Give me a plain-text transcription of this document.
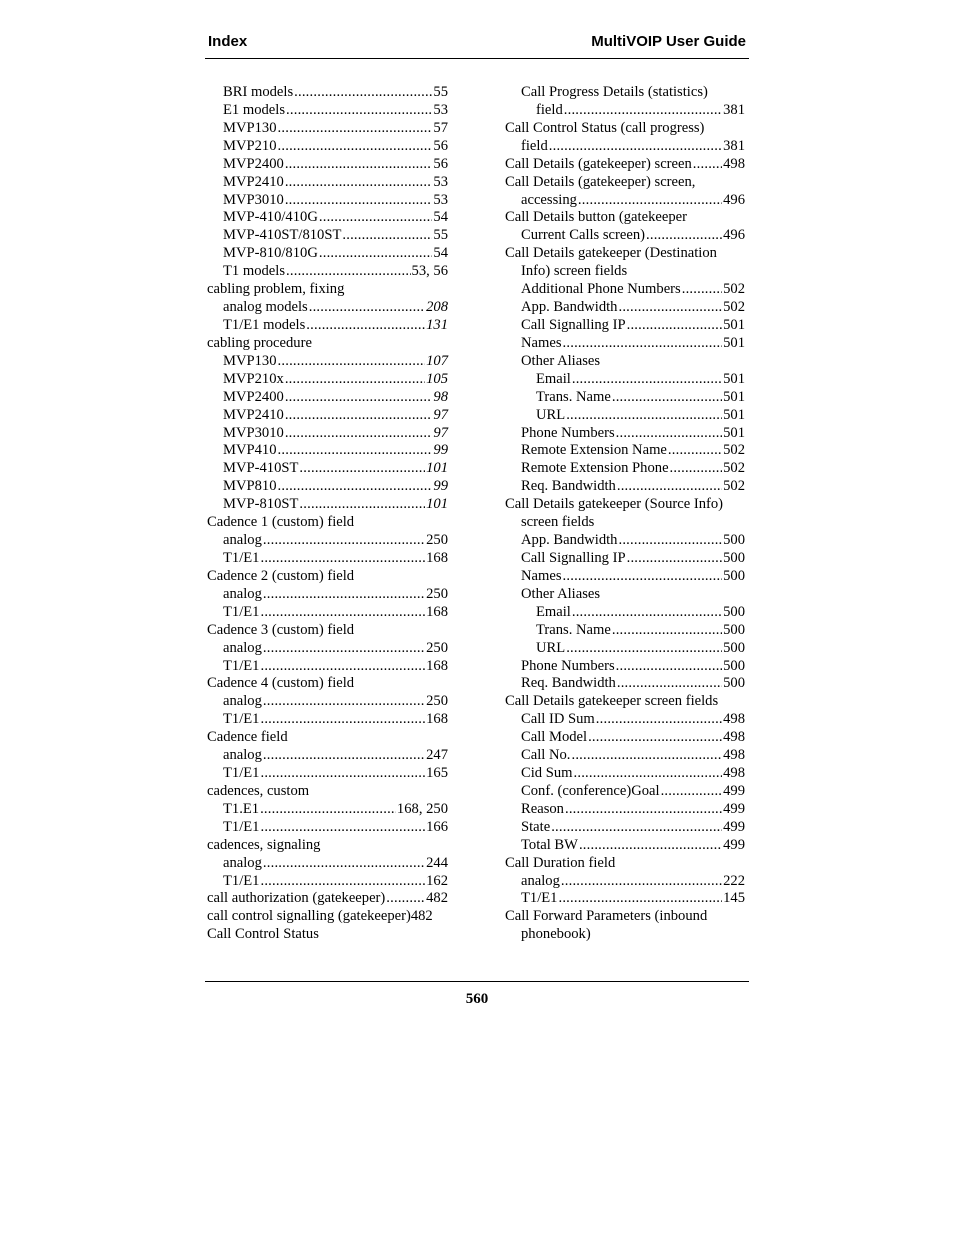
Index	MultiVOIP User Guide
BRI models .....	55
E1 models .....	53
MVP130 .....	57
MVP210 .....	56
MVP2400 .....	56
MVP2410 .....	53
MVP3010 .....	53
MVP-410/410G .....	54
MVP-410ST/810ST .....	55
MVP-810/810G .....	54
T1 models .....	53, 56
cabling problem, fixing
analog models .....	208
T1/E1 models .....	131
cabling procedure
MVP130 .....	107
MVP210x .....	105
MVP2400 .....	98
MVP2410 .....	97
MVP3010 .....	97
MVP410 .....	99
MVP-410ST .....	101
MVP810 .....	99
MVP-810ST .....	101
Cadence 1 (custom) field
analog .....	250
T1/E1 .....	168
Cadence 2 (custom) field
analog .....	250
T1/E1 .....	168
Cadence 3 (custom) field
analog .....	250
T1/E1 .....	168
Cadence 4 (custom) field
analog .....	250
T1/E1 .....	168
Cadence field
analog .....	247
T1/E1 .....	165
cadences, custom
T1.E1 .....	168, 250
T1/E1 .....	166
cadences, signaling
analog .....	244
T1/E1 .....	162
call authorization (gatekeeper) .....	482
call control signalling (gatekeeper) 482
Call Control Status
Call Progress Details (statistics)
field .....	381
Call Control Status (call progress)
field .....	381
Call Details (gatekeeper) screen ..... 498
Call Details (gatekeeper) screen,
accessing .....	496
Call Details button (gatekeeper
Current Calls screen) .....	496
Call Details gatekeeper (Destination
Info) screen fields
Additional Phone Numbers .....	502
App. Bandwidth .....	502
Call Signalling IP .....	501
Names .....	501
Other Aliases
Email .....	501
Trans. Name .....	501
URL .....	501
Phone Numbers .....	501
Remote Extension Name .....	502
Remote Extension Phone .....	502
Req. Bandwidth .....	502
Call Details gatekeeper (Source Info)
screen fields
App. Bandwidth .....	500
Call Signalling IP .....	500
Names .....	500
Other Aliases
Email .....	500
Trans. Name .....	500
URL .....	500
Phone Numbers .....	500
Req. Bandwidth .....	500
Call Details gatekeeper screen fields
Call ID Sum .....	498
Call Model .....	498
Call No. .....	498
Cid Sum .....	498
Conf. (conference)Goal .....	499
Reason .....	499
State .....	499
Total BW .....	499
Call Duration field
analog .....	222
T1/E1 .....	145
Call Forward Parameters (inbound
phonebook)
560
